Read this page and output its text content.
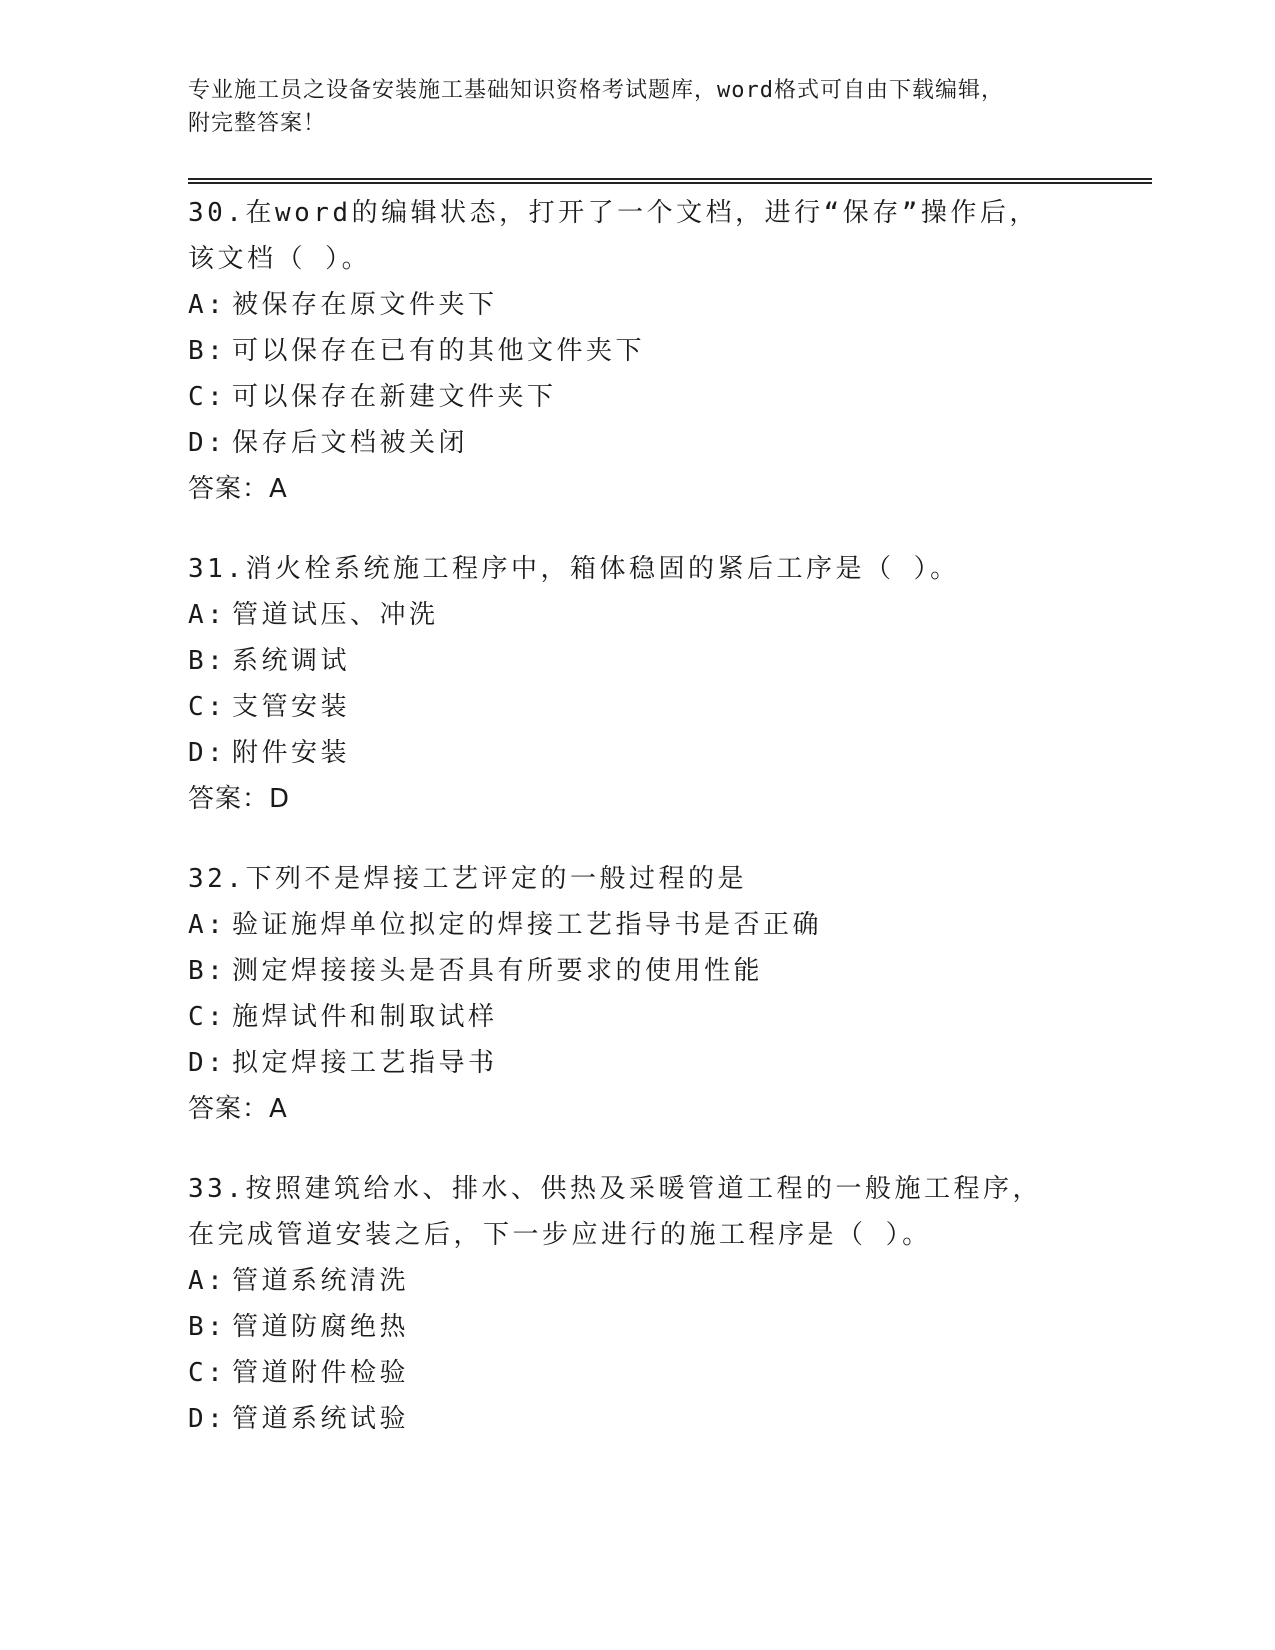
专业施工员之设备安装施工基础知识资格考试题库，word格式可自由下载编辑，
附完整答案！
30.在word的编辑状态，打开了一个文档，进行“保存”操作后，该文档（ ）。
A: 被保存在原文件夹下
B: 可以保存在已有的其他文件夹下
C: 可以保存在新建文件夹下
D: 保存后文档被关闭
答案：A
31.消火栓系统施工程序中，箱体稳固的紧后工序是（ ）。
A: 管道试压、冲洗
B: 系统调试
C: 支管安装
D: 附件安装
答案：D
32.下列不是焊接工艺评定的一般过程的是
A: 验证施焊单位拟定的焊接工艺指导书是否正确
B: 测定焊接接头是否具有所要求的使用性能
C: 施焊试件和制取试样
D: 拟定焊接工艺指导书
答案：A
33.按照建筑给水、排水、供热及采暖管道工程的一般施工程序，在完成管道安装之后，下一步应进行的施工程序是（ ）。
A: 管道系统清洗
B: 管道防腐绝热
C: 管道附件检验
D: 管道系统试验
